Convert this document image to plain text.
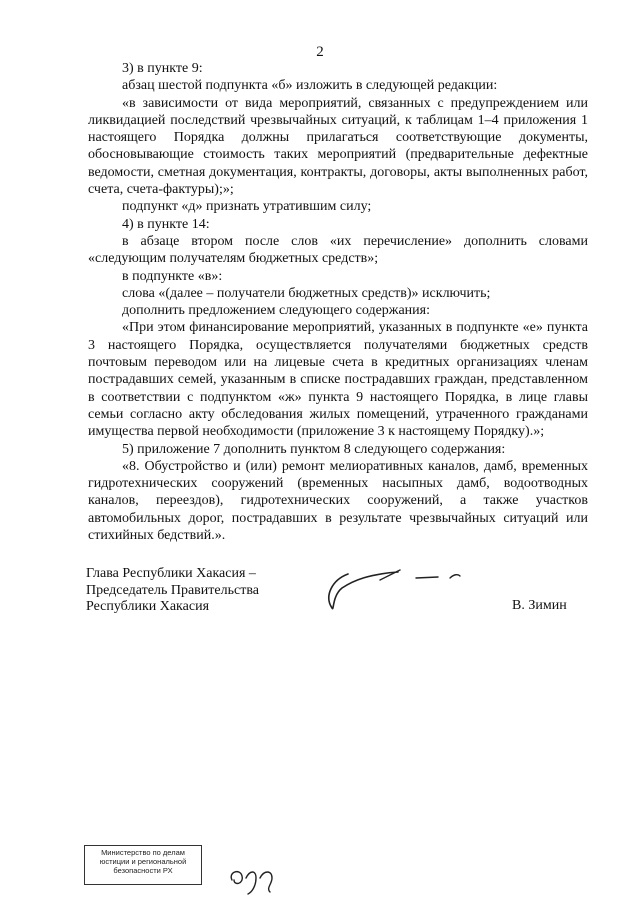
2

3) в пункте 9:

абзац шестой подпункта «б» изложить в следующей редакции:

«в зависимости от вида мероприятий, связанных с предупреждением или ликвидацией последствий чрезвычайных ситуаций, к таблицам 1–4 приложения 1 настоящего Порядка должны прилагаться соответствующие документы, обосновывающие стоимость таких мероприятий (предварительные дефектные ведомости, сметная документация, контракты, договоры, акты выполненных работ, счета, счета-фактуры);»;

подпункт «д» признать утратившим силу;

4) в пункте 14:

в абзаце втором после слов «их перечисление» дополнить словами «следующим получателям бюджетных средств»;

в подпункте «в»:

слова «(далее – получатели бюджетных средств)» исключить;

дополнить предложением следующего содержания:

«При этом финансирование мероприятий, указанных в подпункте «е» пункта 3 настоящего Порядка, осуществляется получателями бюджетных средств почтовым переводом или на лицевые счета в кредитных организациях членам пострадавших семей, указанным в списке пострадавших граждан, представленном в соответствии с подпунктом «ж» пункта 9 настоящего Порядка, в лице главы семьи согласно акту обследования жилых помещений, утраченного гражданами имущества первой необходимости (приложение 3 к настоящему Порядку).»;

5) приложение 7 дополнить пунктом 8 следующего содержания:

«8. Обустройство и (или) ремонт мелиоративных каналов, дамб, временных гидротехнических сооружений (временных насыпных дамб, водоотводных каналов, переездов), гидротехнических сооружений, а также участков автомобильных дорог, пострадавших в результате чрезвычайных ситуаций или стихийных бедствий.».

Глава Республики Хакасия –
Председатель Правительства
Республики Хакасия	В. Зимин
Министерство по делам
юстиции и региональной
безопасности РХ
